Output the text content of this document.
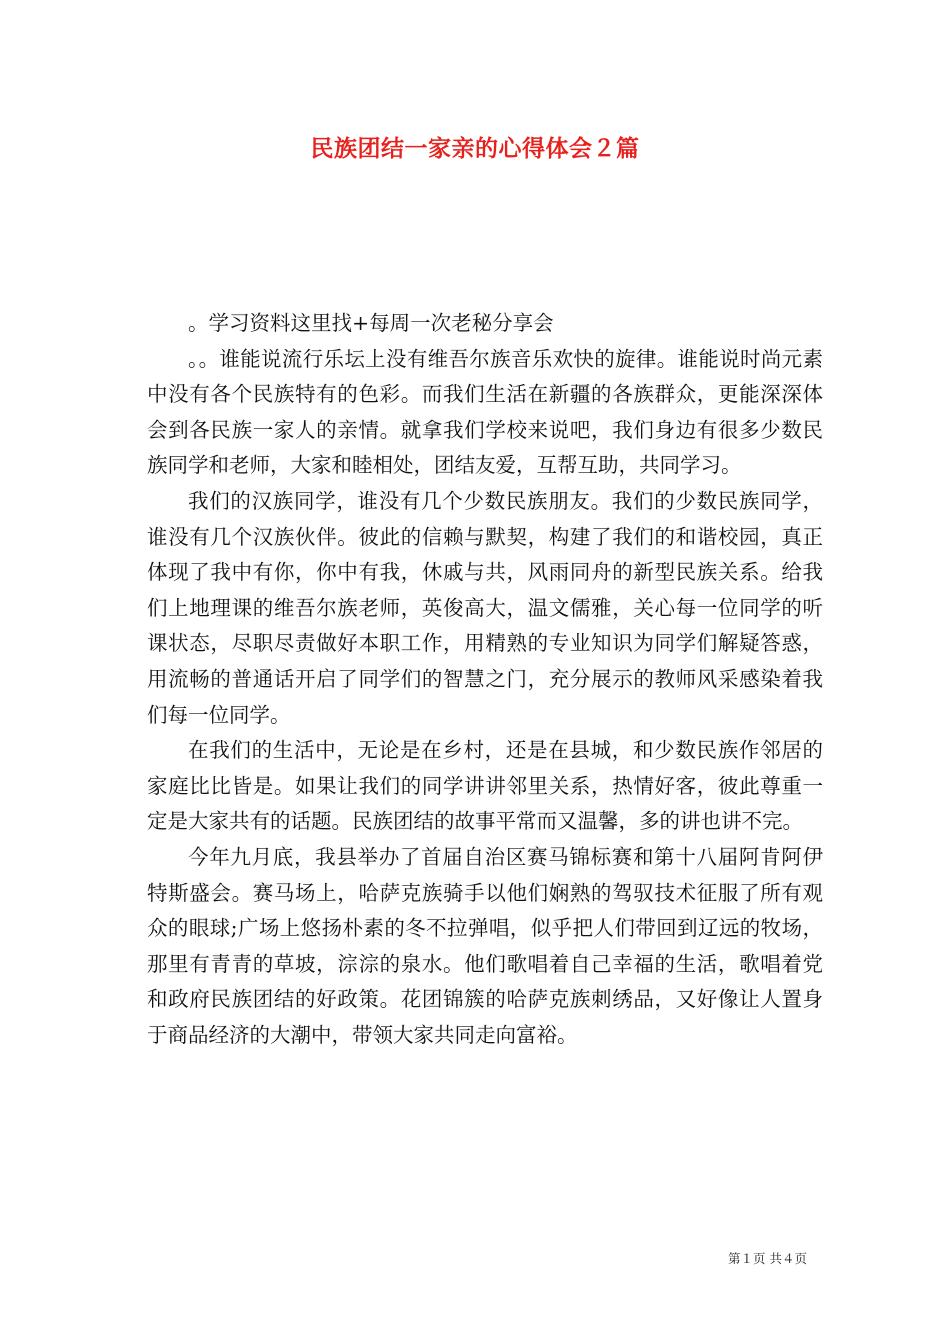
民族团结一家亲的心得体会２篇

。学习资料这里找+每周一次老秘分享会

。。谁能说流行乐坛上没有维吾尔族音乐欢快的旋律。谁能说时尚元素中没有各个民族特有的色彩。而我们生活在新疆的各族群众，更能深深体会到各民族一家人的亲情。就拿我们学校来说吧，我们身边有很多少数民族同学和老师，大家和睦相处，团结友爱，互帮互助，共同学习。

我们的汉族同学，谁没有几个少数民族朋友。我们的少数民族同学，谁没有几个汉族伙伴。彼此的信赖与默契，构建了我们的和谐校园，真正体现了我中有你，你中有我，休戚与共，风雨同舟的新型民族关系。给我们上地理课的维吾尔族老师，英俊高大，温文儒雅，关心每一位同学的听课状态，尽职尽责做好本职工作，用精熟的专业知识为同学们解疑答惑，用流畅的普通话开启了同学们的智慧之门，充分展示的教师风采感染着我们每一位同学。

在我们的生活中，无论是在乡村，还是在县城，和少数民族作邻居的家庭比比皆是。如果让我们的同学讲讲邻里关系，热情好客，彼此尊重一定是大家共有的话题。民族团结的故事平常而又温馨，多的讲也讲不完。

今年九月底，我县举办了首届自治区赛马锦标赛和第十八届阿肯阿伊特斯盛会。赛马场上，哈萨克族骑手以他们娴熟的驾驭技术征服了所有观众的眼球;广场上悠扬朴素的冬不拉弹唱，似乎把人们带回到辽远的牧场，那里有青青的草坡，淙淙的泉水。他们歌唱着自己幸福的生活，歌唱着党和政府民族团结的好政策。花团锦簇的哈萨克族刺绣品，又好像让人置身于商品经济的大潮中，带领大家共同走向富裕。

第１页 共４页
